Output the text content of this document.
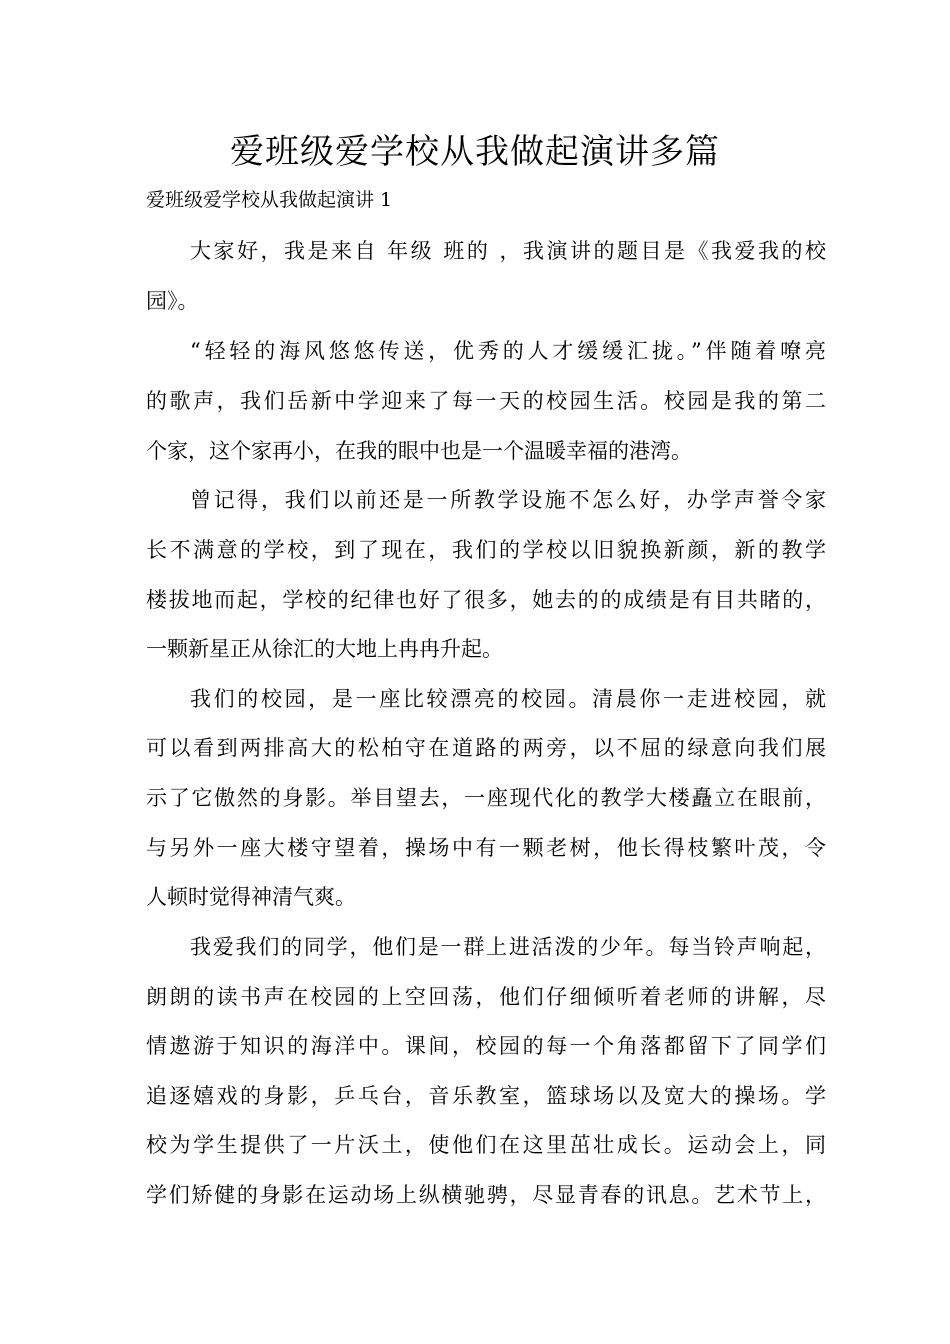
爱班级爱学校从我做起演讲多篇

爱班级爱学校从我做起演讲 1

大家好，我是来自 年级 班的 ，我演讲的题目是《我爱我的校

园》。

“轻轻的海风悠悠传送，优秀的人才缓缓汇拢。”伴随着嘹亮

的歌声，我们岳新中学迎来了每一天的校园生活。校园是我的第二

个家，这个家再小，在我的眼中也是一个温暖幸福的港湾。

曾记得，我们以前还是一所教学设施不怎么好，办学声誉令家

长不满意的学校，到了现在，我们的学校以旧貌换新颜，新的教学

楼拔地而起，学校的纪律也好了很多，她去的的成绩是有目共睹的，

一颗新星正从徐汇的大地上冉冉升起。

我们的校园，是一座比较漂亮的校园。清晨你一走进校园，就

可以看到两排高大的松柏守在道路的两旁，以不屈的绿意向我们展

示了它傲然的身影。举目望去，一座现代化的教学大楼矗立在眼前，

与另外一座大楼守望着，操场中有一颗老树，他长得枝繁叶茂，令

人顿时觉得神清气爽。

我爱我们的同学，他们是一群上进活泼的少年。每当铃声响起，

朗朗的读书声在校园的上空回荡，他们仔细倾听着老师的讲解，尽

情遨游于知识的海洋中。课间，校园的每一个角落都留下了同学们

追逐嬉戏的身影，乒乓台，音乐教室，篮球场以及宽大的操场。学

校为学生提供了一片沃土，使他们在这里茁壮成长。运动会上，同

学们矫健的身影在运动场上纵横驰骋，尽显青春的讯息。艺术节上，
